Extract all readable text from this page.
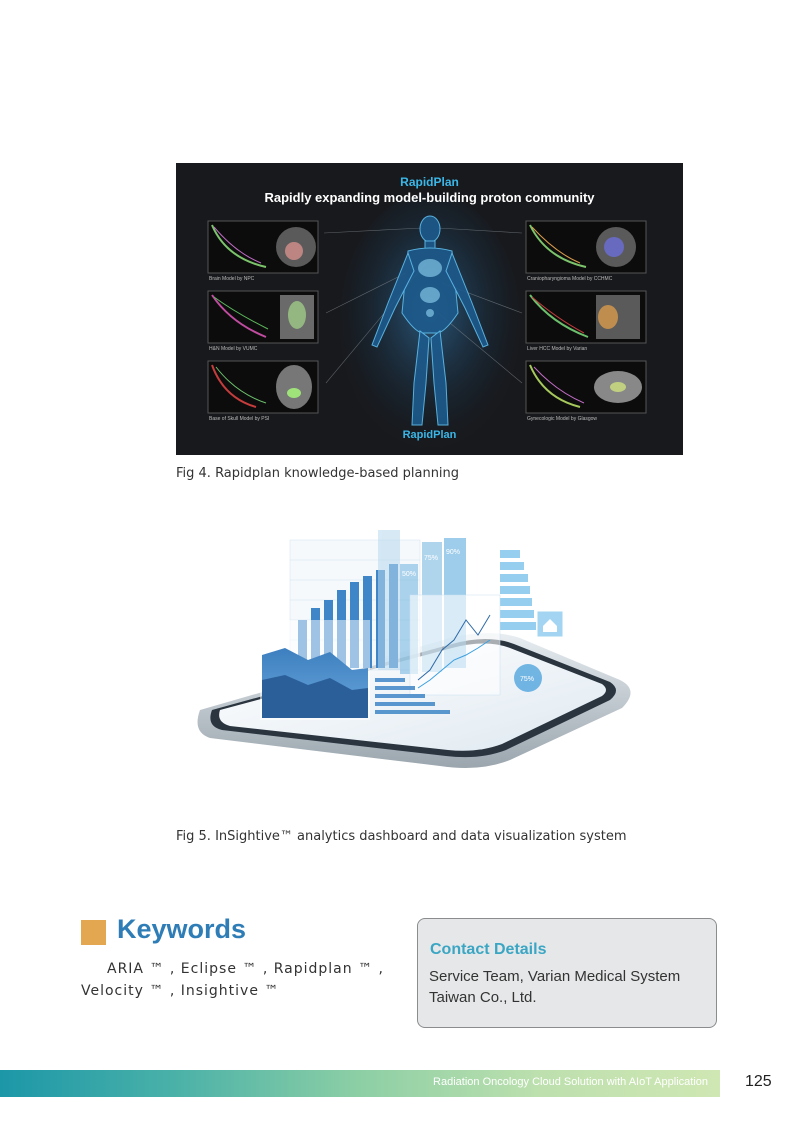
RapidPlan
Rapidly expanding model-building proton community
Brain Model by NPC
H&N Model by VUMC
Base of Skull Model by PSI
Craniopharyngioma Model by CCHMC
Liver HCC Model by Varian
Gynecologic Model by Glasgow
RapidPlan
Fig 4. Rapidplan knowledge-based planning
50%
75%
90%
75%
Fig 5. InSightive™ analytics dashboard and data visualization system
Keywords
ARIA ™ , Eclipse ™ , Rapidplan ™ , Velocity ™ , Insightive ™
Contact Details
Service Team, Varian Medical System
Taiwan Co., Ltd.
Radiation Oncology Cloud Solution with AIoT Application 125
